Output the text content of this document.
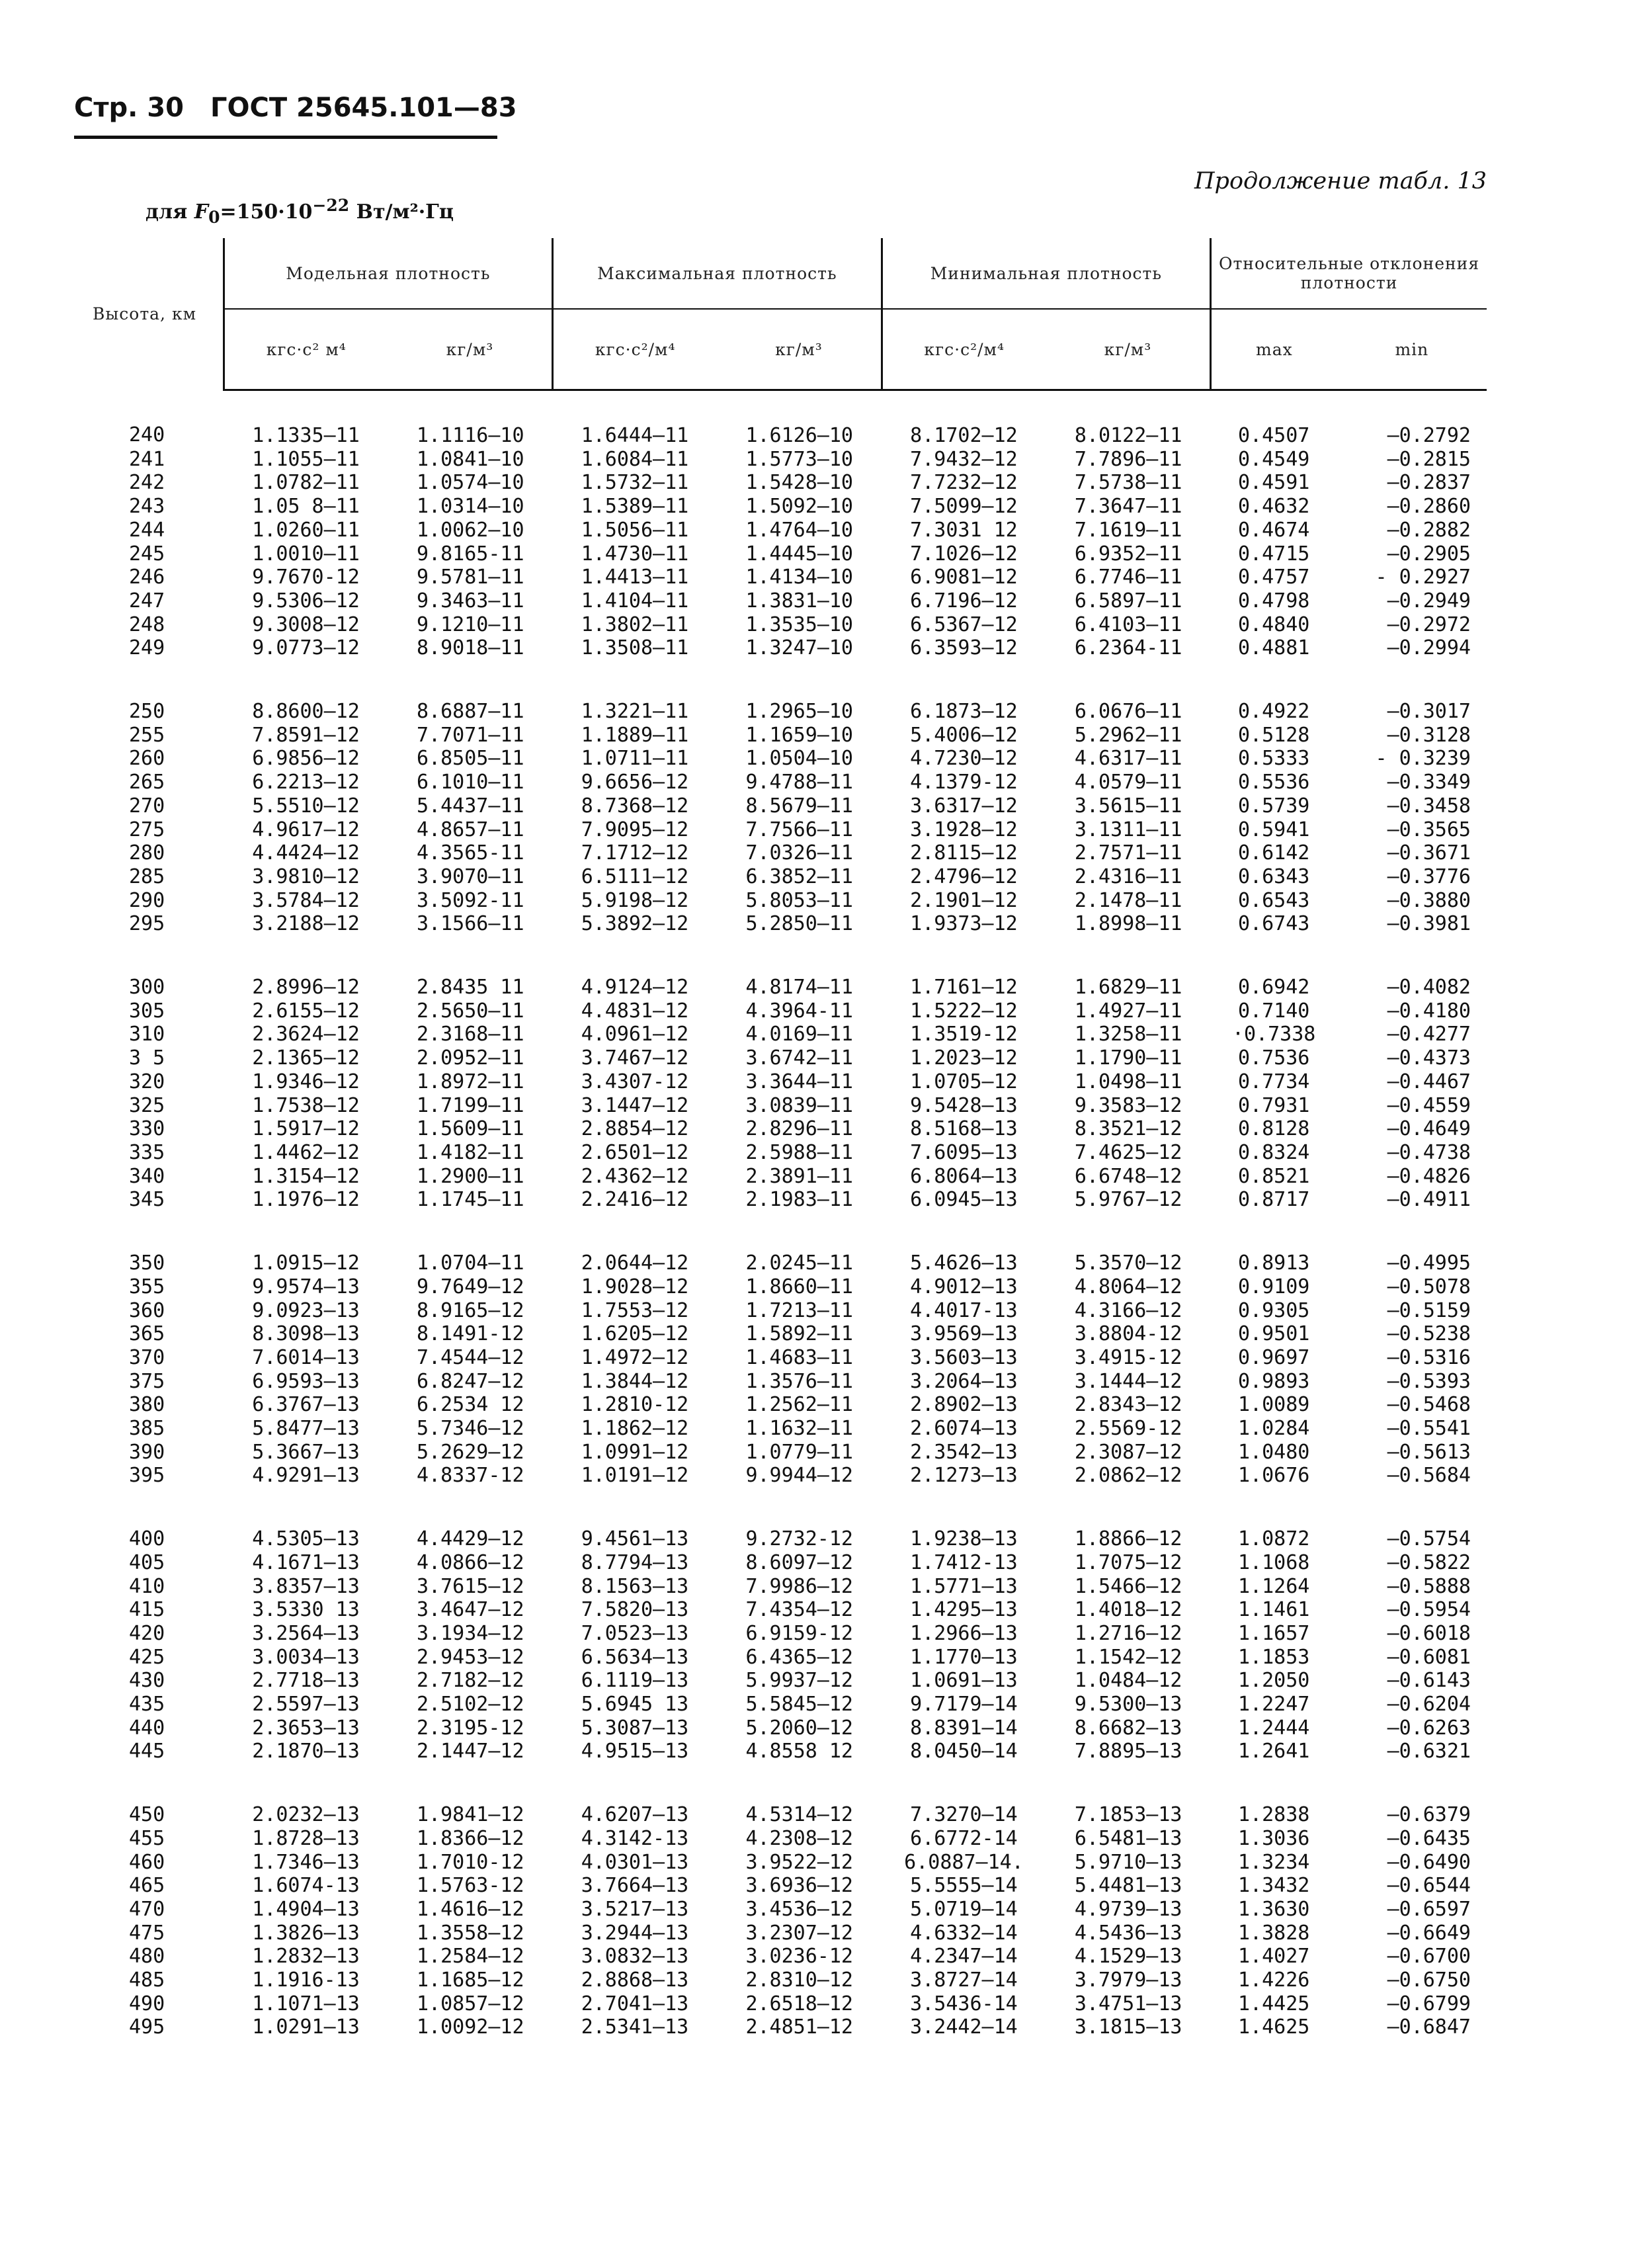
Стр. 30 ГОСТ 25645.101—83
Продолжение табл. 13
для $F_0=150\cdot 10^{-22}$ Вт/м²·Гц
Высота, км	Модельная плотность		Максимальная плотность		Минимальная плотность		Относительные отклонения плотности	
	кгс·с² м⁴	кг/м³	кгс·с²/м⁴	кг/м³	кгс·с²/м⁴	кг/м³	max	min
240	1.1335—11	1.1116—10	1.6444—11	1.6126—10	8.1702—12	8.0122—11	0.4507	—0.2792
241	1.1055—11	1.0841—10	1.6084—11	1.5773—10	7.9432—12	7.7896—11	0.4549	—0.2815
242	1.0782—11	1.0574—10	1.5732—11	1.5428—10	7.7232—12	7.5738—11	0.4591	—0.2837
243	1.05 8—11	1.0314—10	1.5389—11	1.5092—10	7.5099—12	7.3647—11	0.4632	—0.2860
244	1.0260—11	1.0062—10	1.5056—11	1.4764—10	7.3031 12	7.1619—11	0.4674	—0.2882
245	1.0010—11	9.8165-11	1.4730—11	1.4445—10	7.1026—12	6.9352—11	0.4715	—0.2905
246	9.7670-12	9.5781—11	1.4413—11	1.4134—10	6.9081—12	6.7746—11	0.4757	- 0.2927
247	9.5306—12	9.3463—11	1.4104—11	1.3831—10	6.7196—12	6.5897—11	0.4798	—0.2949
248	9.3008—12	9.1210—11	1.3802—11	1.3535—10	6.5367—12	6.4103—11	0.4840	—0.2972
249	9.0773—12	8.9018—11	1.3508—11	1.3247—10	6.3593—12	6.2364-11	0.4881	—0.2994
250	8.8600—12	8.6887—11	1.3221—11	1.2965—10	6.1873—12	6.0676—11	0.4922	—0.3017
255	7.8591—12	7.7071—11	1.1889—11	1.1659—10	5.4006—12	5.2962—11	0.5128	—0.3128
260	6.9856—12	6.8505—11	1.0711—11	1.0504—10	4.7230—12	4.6317—11	0.5333	- 0.3239
265	6.2213—12	6.1010—11	9.6656—12	9.4788—11	4.1379-12	4.0579—11	0.5536	—0.3349
270	5.5510—12	5.4437—11	8.7368—12	8.5679—11	3.6317—12	3.5615—11	0.5739	—0.3458
275	4.9617—12	4.8657—11	7.9095—12	7.7566—11	3.1928—12	3.1311—11	0.5941	—0.3565
280	4.4424—12	4.3565-11	7.1712—12	7.0326—11	2.8115—12	2.7571—11	0.6142	—0.3671
285	3.9810—12	3.9070—11	6.5111—12	6.3852—11	2.4796—12	2.4316—11	0.6343	—0.3776
290	3.5784—12	3.5092-11	5.9198—12	5.8053—11	2.1901—12	2.1478—11	0.6543	—0.3880
295	3.2188—12	3.1566—11	5.3892—12	5.2850—11	1.9373—12	1.8998—11	0.6743	—0.3981
300	2.8996—12	2.8435 11	4.9124—12	4.8174—11	1.7161—12	1.6829—11	0.6942	—0.4082
305	2.6155—12	2.5650—11	4.4831—12	4.3964-11	1.5222—12	1.4927—11	0.7140	—0.4180
310	2.3624—12	2.3168—11	4.0961—12	4.0169—11	1.3519-12	1.3258—11	·0.7338	—0.4277
3 5	2.1365—12	2.0952—11	3.7467—12	3.6742—11	1.2023—12	1.1790—11	0.7536	—0.4373
320	1.9346—12	1.8972—11	3.4307-12	3.3644—11	1.0705—12	1.0498—11	0.7734	—0.4467
325	1.7538—12	1.7199—11	3.1447—12	3.0839—11	9.5428—13	9.3583—12	0.7931	—0.4559
330	1.5917—12	1.5609—11	2.8854—12	2.8296—11	8.5168—13	8.3521—12	0.8128	—0.4649
335	1.4462—12	1.4182—11	2.6501—12	2.5988—11	7.6095—13	7.4625—12	0.8324	—0.4738
340	1.3154—12	1.2900—11	2.4362—12	2.3891—11	6.8064—13	6.6748—12	0.8521	—0.4826
345	1.1976—12	1.1745—11	2.2416—12	2.1983—11	6.0945—13	5.9767—12	0.8717	—0.4911
350	1.0915—12	1.0704—11	2.0644—12	2.0245—11	5.4626—13	5.3570—12	0.8913	—0.4995
355	9.9574—13	9.7649—12	1.9028—12	1.8660—11	4.9012—13	4.8064—12	0.9109	—0.5078
360	9.0923—13	8.9165—12	1.7553—12	1.7213—11	4.4017-13	4.3166—12	0.9305	—0.5159
365	8.3098—13	8.1491-12	1.6205—12	1.5892—11	3.9569—13	3.8804-12	0.9501	—0.5238
370	7.6014—13	7.4544—12	1.4972—12	1.4683—11	3.5603—13	3.4915-12	0.9697	—0.5316
375	6.9593—13	6.8247—12	1.3844—12	1.3576—11	3.2064—13	3.1444—12	0.9893	—0.5393
380	6.3767—13	6.2534 12	1.2810-12	1.2562—11	2.8902—13	2.8343—12	1.0089	—0.5468
385	5.8477—13	5.7346—12	1.1862—12	1.1632—11	2.6074—13	2.5569-12	1.0284	—0.5541
390	5.3667—13	5.2629—12	1.0991—12	1.0779—11	2.3542—13	2.3087—12	1.0480	—0.5613
395	4.9291—13	4.8337-12	1.0191—12	9.9944—12	2.1273—13	2.0862—12	1.0676	—0.5684
400	4.5305—13	4.4429—12	9.4561—13	9.2732-12	1.9238—13	1.8866—12	1.0872	—0.5754
405	4.1671—13	4.0866—12	8.7794—13	8.6097—12	1.7412-13	1.7075—12	1.1068	—0.5822
410	3.8357—13	3.7615—12	8.1563—13	7.9986—12	1.5771—13	1.5466—12	1.1264	—0.5888
415	3.5330 13	3.4647—12	7.5820—13	7.4354—12	1.4295—13	1.4018—12	1.1461	—0.5954
420	3.2564—13	3.1934—12	7.0523—13	6.9159-12	1.2966—13	1.2716—12	1.1657	—0.6018
425	3.0034—13	2.9453—12	6.5634—13	6.4365—12	1.1770—13	1.1542—12	1.1853	—0.6081
430	2.7718—13	2.7182—12	6.1119—13	5.9937—12	1.0691—13	1.0484—12	1.2050	—0.6143
435	2.5597—13	2.5102—12	5.6945 13	5.5845—12	9.7179—14	9.5300—13	1.2247	—0.6204
440	2.3653—13	2.3195-12	5.3087—13	5.2060—12	8.8391—14	8.6682—13	1.2444	—0.6263
445	2.1870—13	2.1447—12	4.9515—13	4.8558 12	8.0450—14	7.8895—13	1.2641	—0.6321
450	2.0232—13	1.9841—12	4.6207—13	4.5314—12	7.3270—14	7.1853—13	1.2838	—0.6379
455	1.8728—13	1.8366—12	4.3142-13	4.2308—12	6.6772-14	6.5481—13	1.3036	—0.6435
460	1.7346—13	1.7010-12	4.0301—13	3.9522—12	6.0887—14.	5.9710—13	1.3234	—0.6490
465	1.6074-13	1.5763-12	3.7664—13	3.6936—12	5.5555—14	5.4481—13	1.3432	—0.6544
470	1.4904—13	1.4616—12	3.5217—13	3.4536—12	5.0719—14	4.9739—13	1.3630	—0.6597
475	1.3826—13	1.3558—12	3.2944—13	3.2307—12	4.6332—14	4.5436—13	1.3828	—0.6649
480	1.2832—13	1.2584—12	3.0832—13	3.0236-12	4.2347—14	4.1529—13	1.4027	—0.6700
485	1.1916-13	1.1685—12	2.8868—13	2.8310—12	3.8727—14	3.7979—13	1.4226	—0.6750
490	1.1071—13	1.0857—12	2.7041—13	2.6518—12	3.5436-14	3.4751—13	1.4425	—0.6799
495	1.0291—13	1.0092—12	2.5341—13	2.4851—12	3.2442—14	3.1815—13	1.4625	—0.6847
